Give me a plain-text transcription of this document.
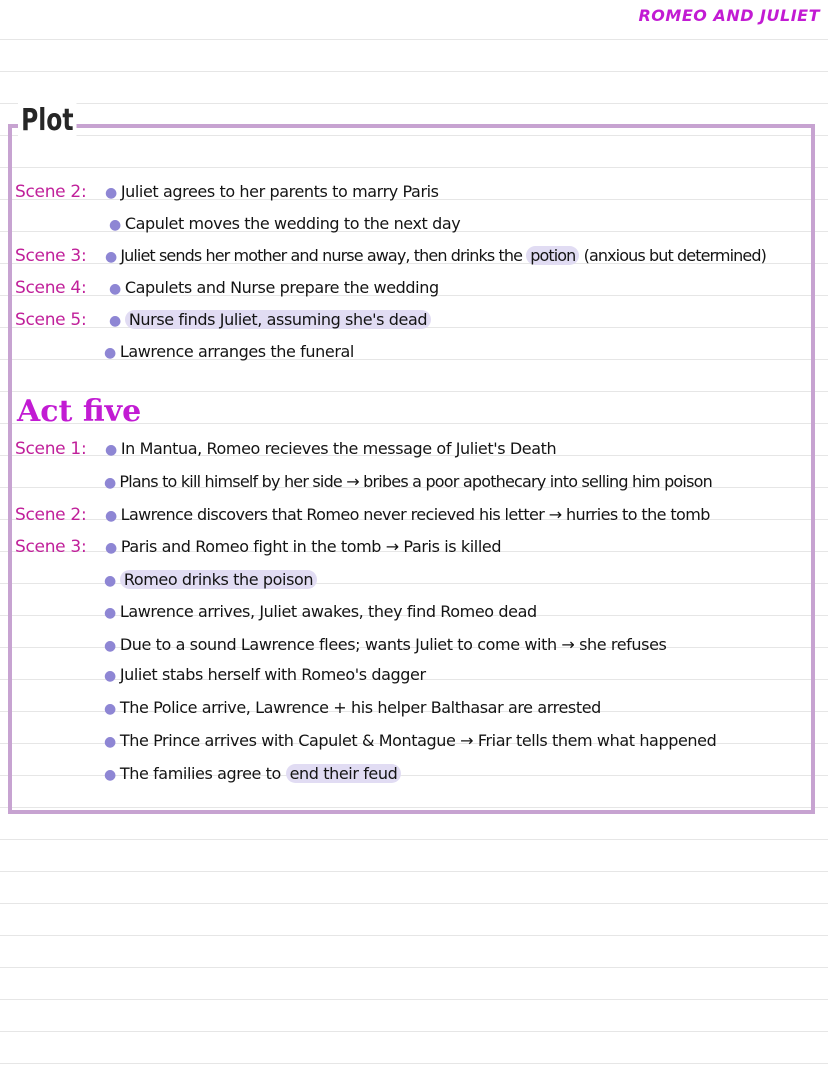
ROMEO AND JULIET
Plot
Scene 2: ● Juliet agrees to her parents to marry Paris
● Capulet moves the wedding to the next day
Scene 3: ● Juliet sends her mother and nurse away, then drinks the potion (anxious but determined)
Scene 4: ● Capulets and Nurse prepare the wedding
Scene 5: ● Nurse finds Juliet, assuming she's dead
● Lawrence arranges the funeral
Act five
Scene 1: ● In Mantua, Romeo recieves the message of Juliet's Death
● Plans to kill himself by her side → bribes a poor apothecary into selling him poison
Scene 2: ● Lawrence discovers that Romeo never recieved his letter → hurries to the tomb
Scene 3: ● Paris and Romeo fight in the tomb → Paris is killed
● Romeo drinks the poison
● Lawrence arrives, Juliet awakes, they find Romeo dead
● Due to a sound Lawrence flees; wants Juliet to come with → she refuses
● Juliet stabs herself with Romeo's dagger
● The Police arrive, Lawrence + his helper Balthasar are arrested
● The Prince arrives with Capulet & Montague → Friar tells them what happened
● The families agree to end their feud
